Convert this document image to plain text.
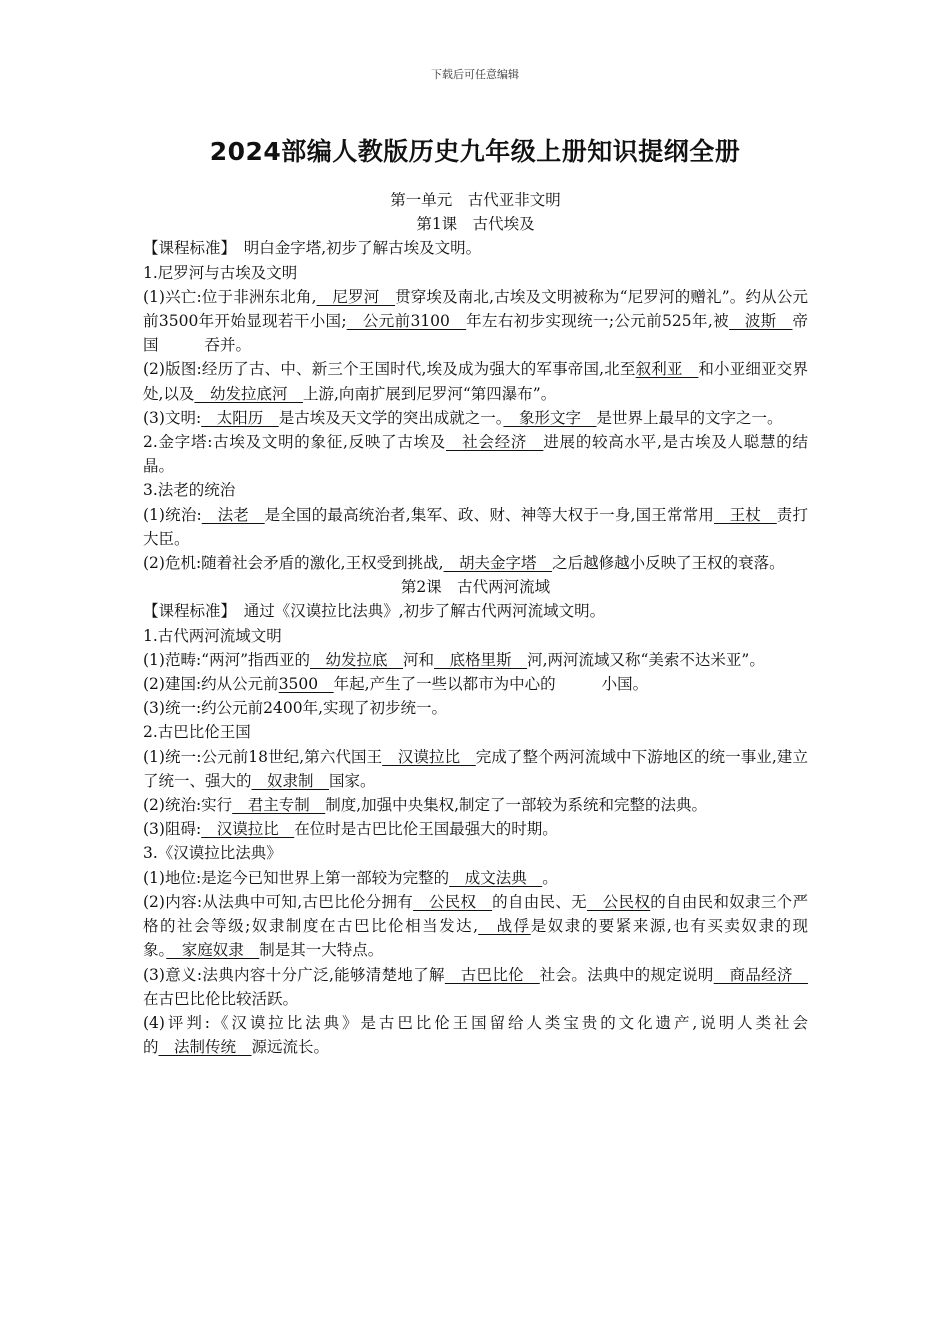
下载后可任意编辑
2024部编人教版历史九年级上册知识提纲全册
第一单元　古代亚非文明
第1课　古代埃及

【课程标准】　明白金字塔,初步了解古埃及文明。

1.尼罗河与古埃及文明

(1)兴亡:位于非洲东北角,　尼罗河　贯穿埃及南北,古埃及文明被称为“尼罗河的赠礼”。约从公元前3500年开始显现若干小国;　公元前3100　年左右初步实现统一;公元前525年,被　波斯　帝国	吞并。

(2)版图:经历了古、中、新三个王国时代,埃及成为强大的军事帝国,北至叙利亚　和小亚细亚交界处,以及　幼发拉底河　上游,向南扩展到尼罗河“第四瀑布”。

(3)文明:　太阳历　是古埃及天文学的突出成就之一。　象形文字　是世界上最早的文字之一。

2.金字塔:古埃及文明的象征,反映了古埃及　社会经济　进展的较高水平,是古埃及人聪慧的结晶。

3.法老的统治

(1)统治:　法老　是全国的最高统治者,集军、政、财、神等大权于一身,国王常常用　王杖　责打大臣。

(2)危机:随着社会矛盾的激化,王权受到挑战,　胡夫金字塔　之后越修越小反映了王权的衰落。

第2课　古代两河流域

【课程标准】　通过《汉谟拉比法典》,初步了解古代两河流域文明。

1.古代两河流域文明

(1)范畴:“两河”指西亚的　幼发拉底　河和　底格里斯　河,两河流域又称“美索不达米亚”。

(2)建国:约从公元前3500　年起,产生了一些以都市为中心的	小国。

(3)统一:约公元前2400年,实现了初步统一。

2.古巴比伦王国

(1)统一:公元前18世纪,第六代国王　汉谟拉比　完成了整个两河流域中下游地区的统一事业,建立了统一、强大的　奴隶制　国家。

(2)统治:实行　君主专制　制度,加强中央集权,制定了一部较为系统和完整的法典。

(3)阻碍:　汉谟拉比　在位时是古巴比伦王国最强大的时期。

3.《汉谟拉比法典》

(1)地位:是迄今已知世界上第一部较为完整的　成文法典　。

(2)内容:从法典中可知,古巴比伦分拥有　公民权　的自由民、无　公民权的自由民和奴隶三个严格的社会等级;奴隶制度在古巴比伦相当发达,　战俘是奴隶的要紧来源,也有买卖奴隶的现象。　家庭奴隶　制是其一大特点。

(3)意义:法典内容十分广泛,能够清楚地了解　古巴比伦　社会。法典中的规定说明　商品经济　在古巴比伦比较活跃。

(4)评判:《汉谟拉比法典》是古巴比伦王国留给人类宝贵的文化遗产,说明人类社会的　法制传统　源远流长。
